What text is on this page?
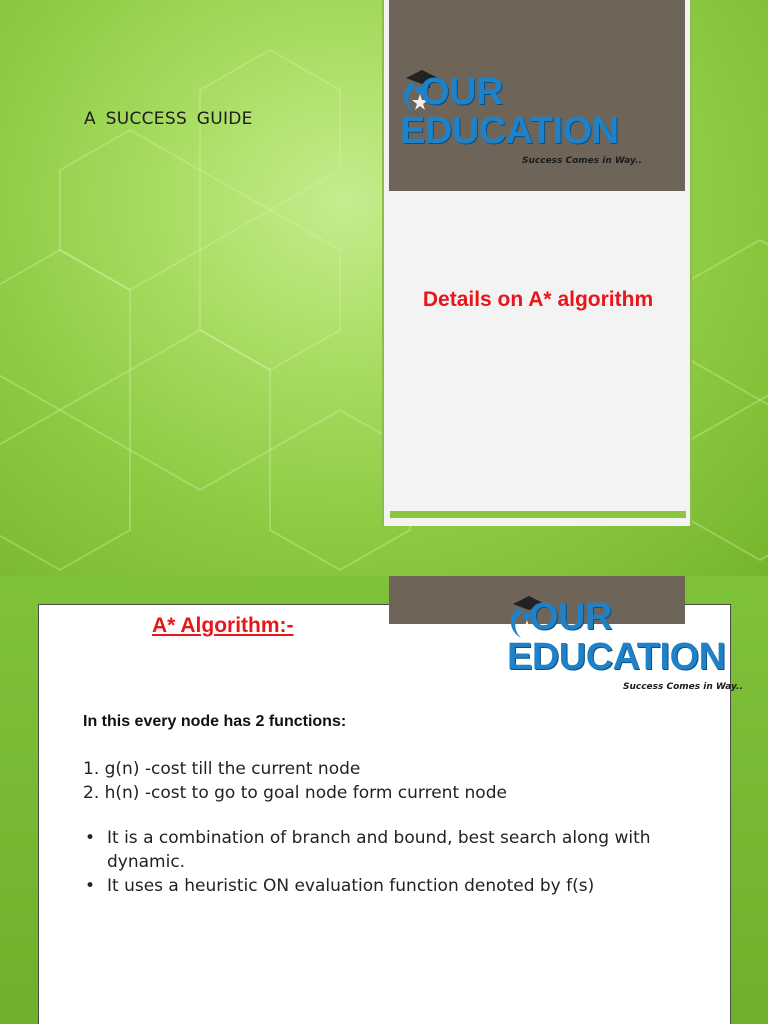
A SUCCESS GUIDE
OUR
EDUCATION
Success Comes in Way..
Details on A* algorithm
OUR
EDUCATION
Success Comes in Way..
A* Algorithm:-
In this every node has 2 functions:
1. g(n) -cost till the current node
2. h(n) -cost to go to goal node form current node
• It is a combination of branch and bound, best search along with dynamic.
• It uses a heuristic ON evaluation function denoted by f(s)
